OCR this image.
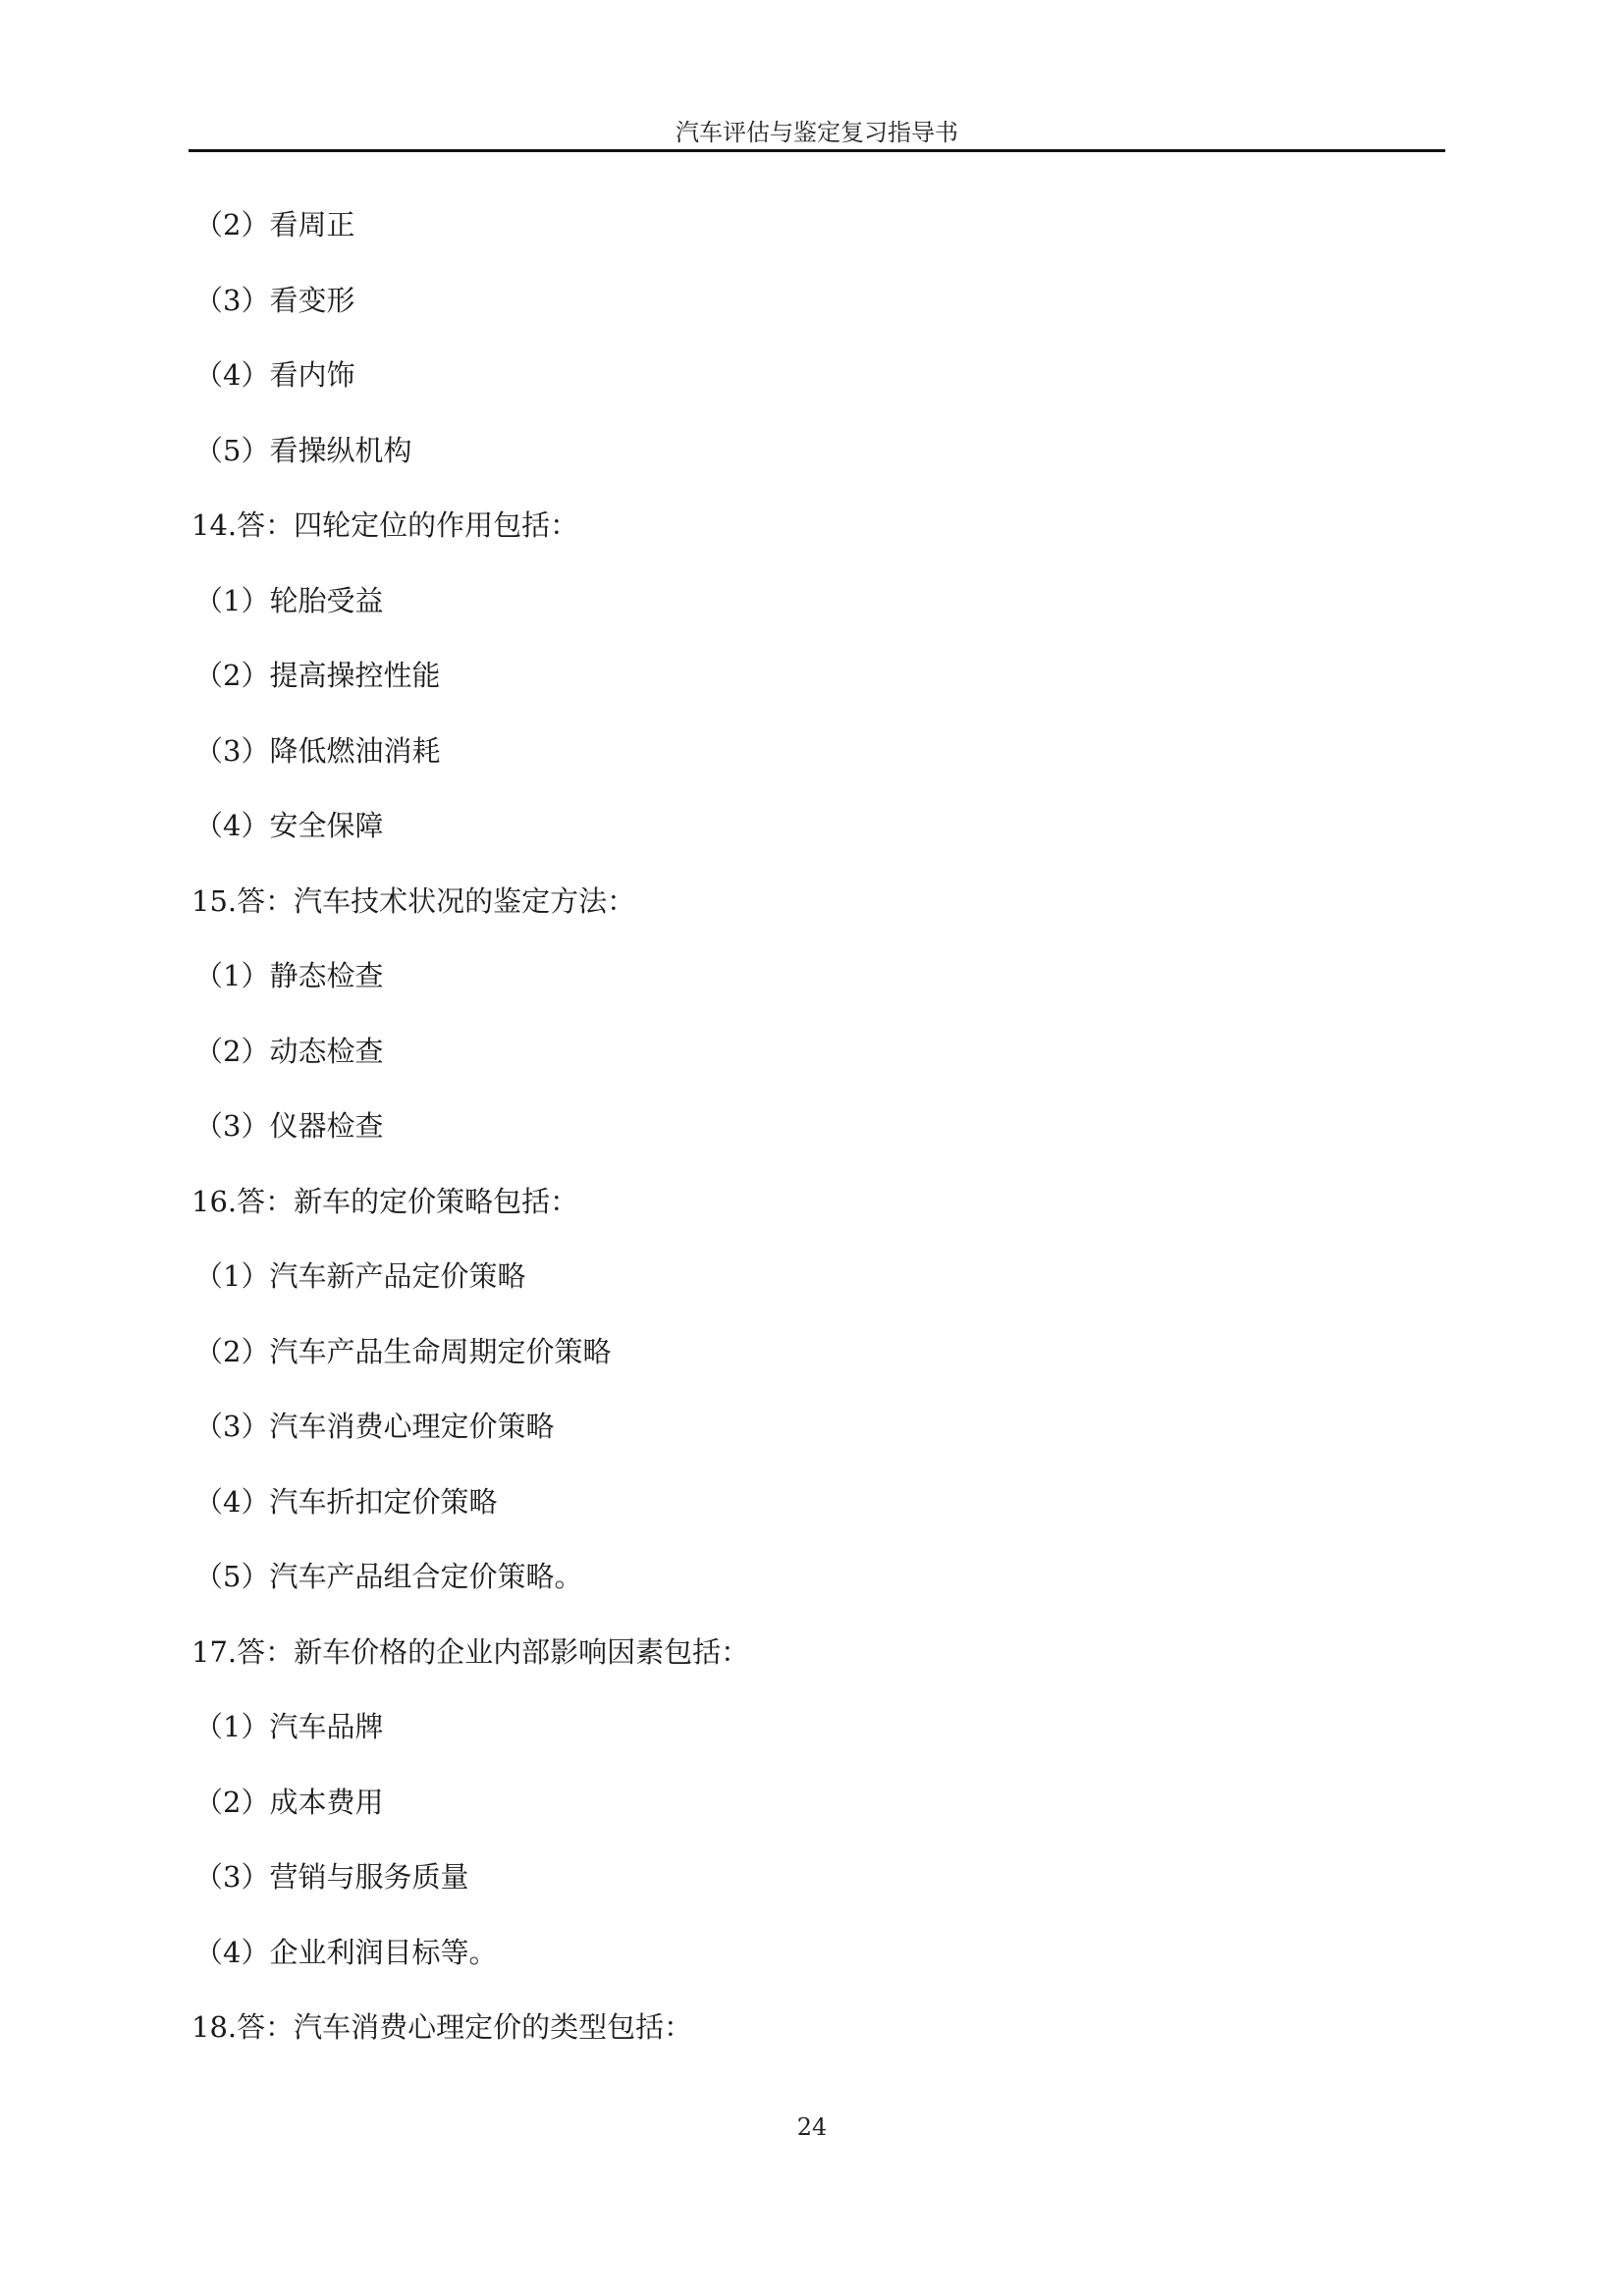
汽车评估与鉴定复习指导书
（2）看周正
（3）看变形
（4）看内饰
（5）看操纵机构
14.答：四轮定位的作用包括：
（1）轮胎受益
（2）提高操控性能
（3）降低燃油消耗
（4）安全保障
15.答：汽车技术状况的鉴定方法：
（1）静态检查
（2）动态检查
（3）仪器检查
16.答：新车的定价策略包括：
（1）汽车新产品定价策略
（2）汽车产品生命周期定价策略
（3）汽车消费心理定价策略
（4）汽车折扣定价策略
（5）汽车产品组合定价策略。
17.答：新车价格的企业内部影响因素包括：
（1）汽车品牌
（2）成本费用
（3）营销与服务质量
（4）企业利润目标等。
18.答：汽车消费心理定价的类型包括：
24
